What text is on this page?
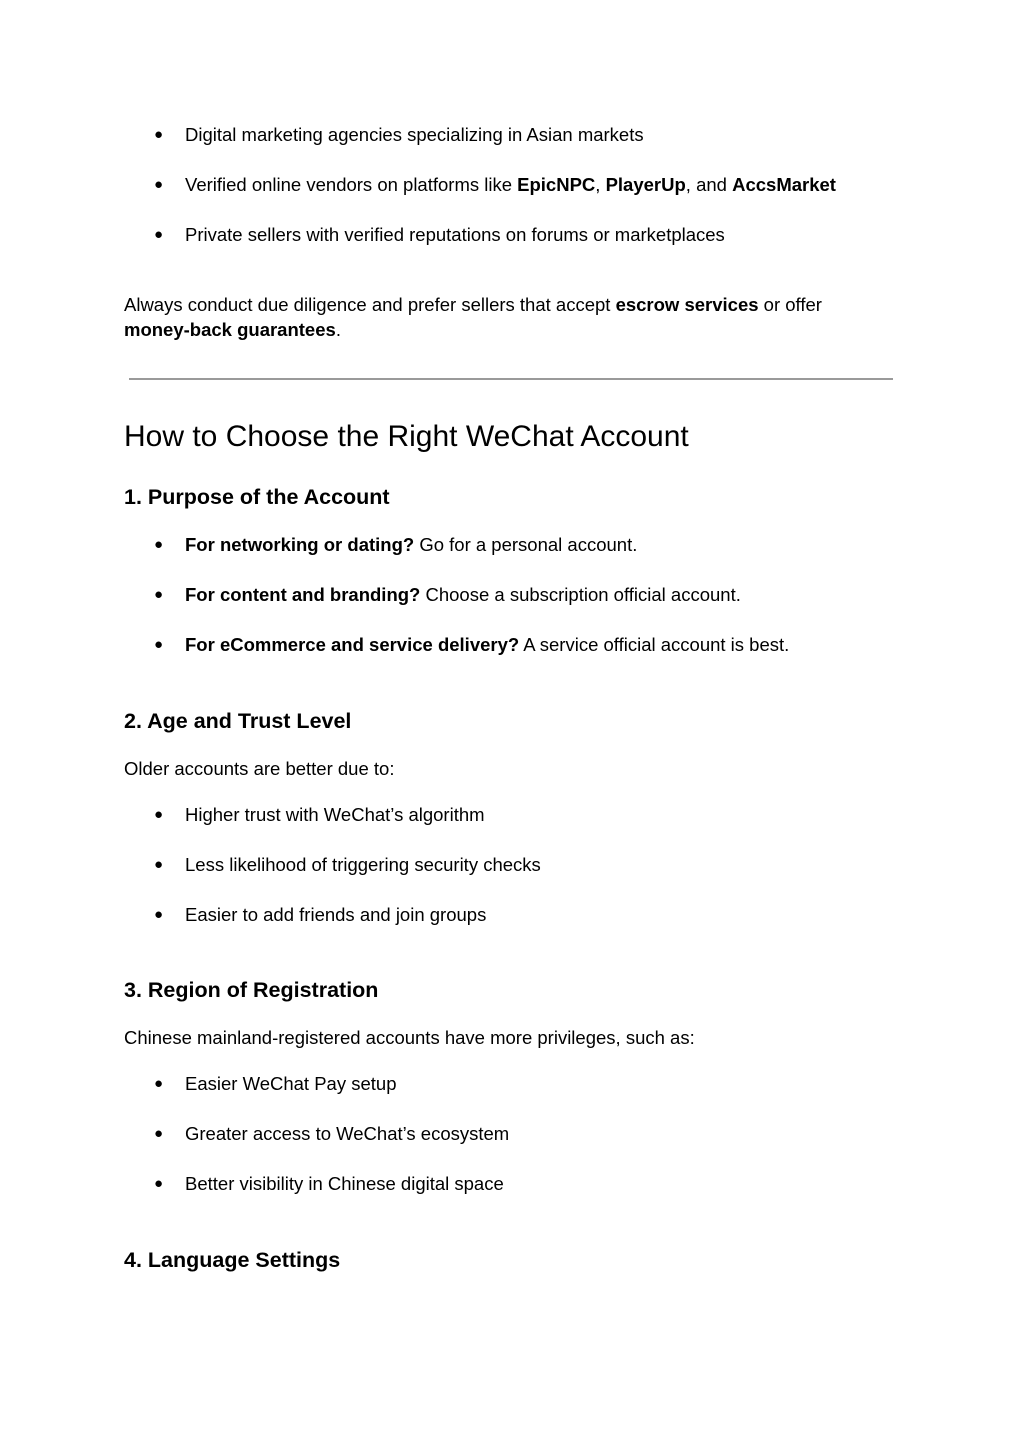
● Digital marketing agencies specializing in Asian markets
● Verified online vendors on platforms like EpicNPC, PlayerUp, and AccsMarket
● Private sellers with verified reputations on forums or marketplaces
Always conduct due diligence and prefer sellers that accept escrow services or offer
money-back guarantees.
How to Choose the Right WeChat Account
1. Purpose of the Account
● For networking or dating? Go for a personal account.
● For content and branding? Choose a subscription official account.
● For eCommerce and service delivery? A service official account is best.
2. Age and Trust Level
Older accounts are better due to:
● Higher trust with WeChat’s algorithm
● Less likelihood of triggering security checks
● Easier to add friends and join groups
3. Region of Registration
Chinese mainland-registered accounts have more privileges, such as:
● Easier WeChat Pay setup
● Greater access to WeChat’s ecosystem
● Better visibility in Chinese digital space
4. Language Settings
